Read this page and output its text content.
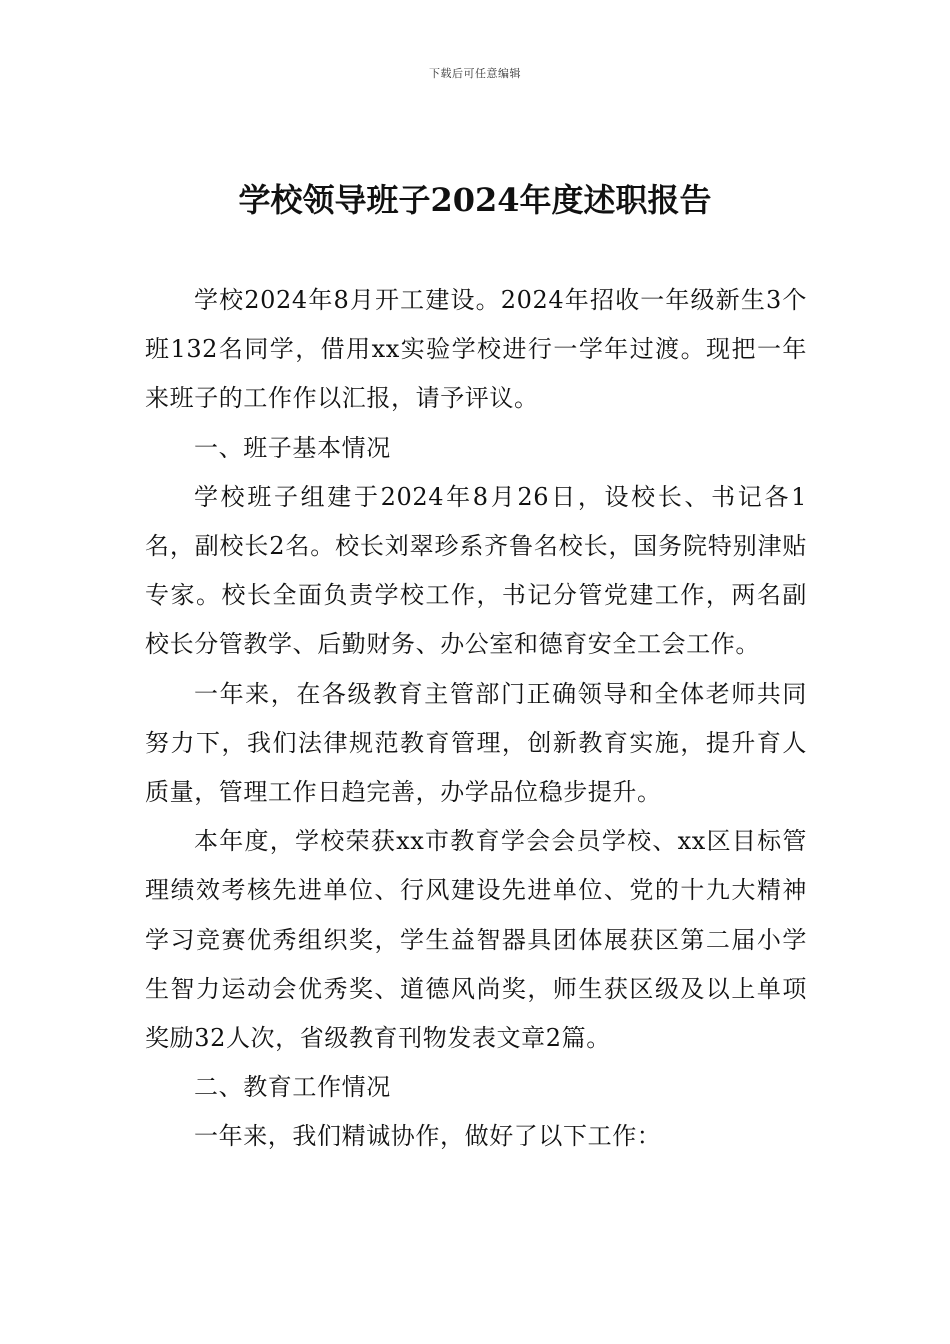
下载后可任意编辑
学校领导班子2024年度述职报告

学校2024年8月开工建设。2024年招收一年级新生3个班132名同学，借用xx实验学校进行一学年过渡。现把一年来班子的工作作以汇报，请予评议。

一、班子基本情况

学校班子组建于2024年8月26日，设校长、书记各1名，副校长2名。校长刘翠珍系齐鲁名校长，国务院特别津贴专家。校长全面负责学校工作，书记分管党建工作，两名副校长分管教学、后勤财务、办公室和德育安全工会工作。

一年来，在各级教育主管部门正确领导和全体老师共同努力下，我们法律规范教育管理，创新教育实施，提升育人质量，管理工作日趋完善，办学品位稳步提升。

本年度，学校荣获xx市教育学会会员学校、xx区目标管理绩效考核先进单位、行风建设先进单位、党的十九大精神学习竞赛优秀组织奖，学生益智器具团体展获区第二届小学生智力运动会优秀奖、道德风尚奖，师生获区级及以上单项奖励32人次，省级教育刊物发表文章2篇。

二、教育工作情况

一年来，我们精诚协作，做好了以下工作：
